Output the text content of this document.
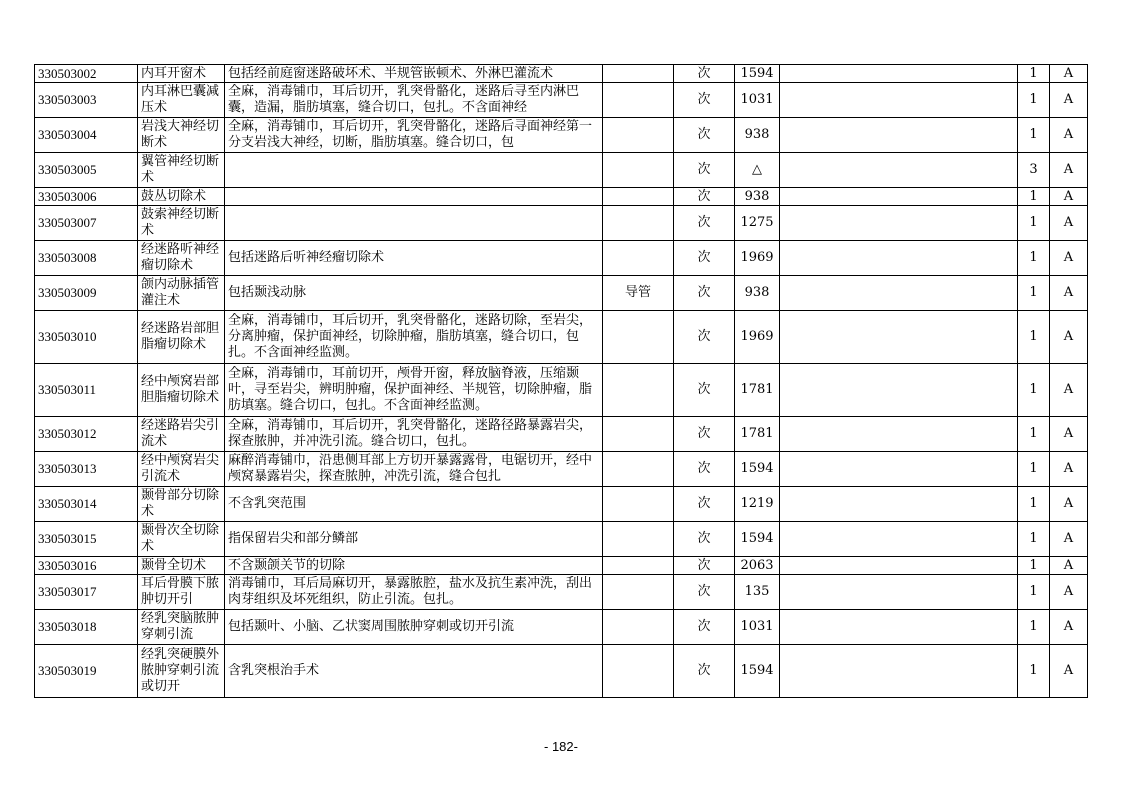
330503002	内耳开窗术	包括经前庭窗迷路破坏术、半规管嵌顿术、外淋巴灌流术		次	1594		1	A
330503003	内耳淋巴囊减压术	全麻，消毒铺巾，耳后切开，乳突骨骼化，迷路后寻至内淋巴囊，造漏，脂肪填塞，缝合切口，包扎。不含面神经		次	1031		1	A
330503004	岩浅大神经切断术	全麻，消毒铺巾，耳后切开，乳突骨骼化，迷路后寻面神经第一分支岩浅大神经，切断，脂肪填塞。缝合切口，包		次	938		1	A
330503005	翼管神经切断术			次	△		3	A
330503006	鼓丛切除术			次	938		1	A
330503007	鼓索神经切断术			次	1275		1	A
330503008	经迷路听神经瘤切除术	包括迷路后听神经瘤切除术		次	1969		1	A
330503009	颌内动脉插管灌注术	包括颞浅动脉	导管	次	938		1	A
330503010	经迷路岩部胆脂瘤切除术	全麻，消毒铺巾，耳后切开，乳突骨骼化，迷路切除，至岩尖，分离肿瘤，保护面神经，切除肿瘤，脂肪填塞，缝合切口，包扎。不含面神经监测。		次	1969		1	A
330503011	经中颅窝岩部胆脂瘤切除术	全麻，消毒铺巾，耳前切开，颅骨开窗，释放脑脊液，压缩颞叶，寻至岩尖，辨明肿瘤，保护面神经、半规管，切除肿瘤，脂肪填塞。缝合切口，包扎。不含面神经监测。		次	1781		1	A
330503012	经迷路岩尖引流术	全麻，消毒铺巾，耳后切开，乳突骨骼化，迷路径路暴露岩尖，探查脓肿，并冲洗引流。缝合切口，包扎。		次	1781		1	A
330503013	经中颅窝岩尖引流术	麻醉消毒铺巾，沿患侧耳部上方切开暴露露骨，电锯切开，经中颅窝暴露岩尖，探查脓肿，冲洗引流，缝合包扎		次	1594		1	A
330503014	颞骨部分切除术	不含乳突范围		次	1219		1	A
330503015	颞骨次全切除术	指保留岩尖和部分鳞部		次	1594		1	A
330503016	颞骨全切术	不含颞颌关节的切除		次	2063		1	A
330503017	耳后骨膜下脓肿切开引	消毒铺巾，耳后局麻切开，暴露脓腔，盐水及抗生素冲洗，刮出肉芽组织及坏死组织，防止引流。包扎。		次	135		1	A
330503018	经乳突脑脓肿穿刺引流	包括颞叶、小脑、乙状窦周围脓肿穿刺或切开引流		次	1031		1	A
330503019	经乳突硬膜外脓肿穿刺引流或切开	含乳突根治手术		次	1594		1	A
- 182-
